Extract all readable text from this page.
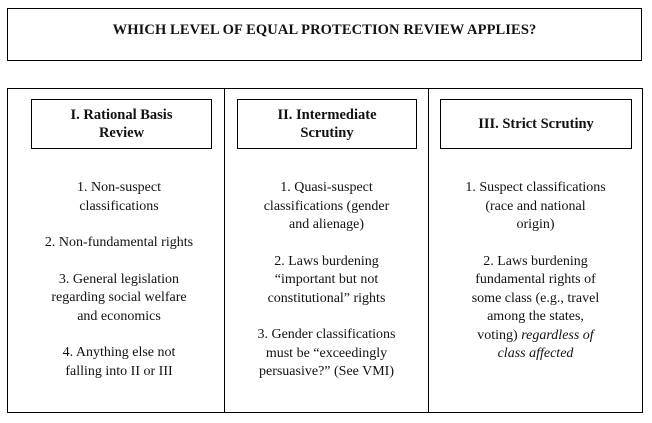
WHICH LEVEL OF EQUAL PROTECTION REVIEW APPLIES?
I. Rational Basis
Review
1. Non-suspect
classifications
2. Non-fundamental rights
3. General legislation
regarding social welfare
and economics
4. Anything else not
falling into II or III
II. Intermediate
Scrutiny
1. Quasi-suspect
classifications (gender
and alienage)
2. Laws burdening
“important but not
constitutional” rights
3. Gender classifications
must be “exceedingly
persuasive?” (See VMI)
III. Strict Scrutiny
1. Suspect classifications
(race and national
origin)
2. Laws burdening
fundamental rights of
some class (e.g., travel
among the states,
voting) regardless of
class affected
